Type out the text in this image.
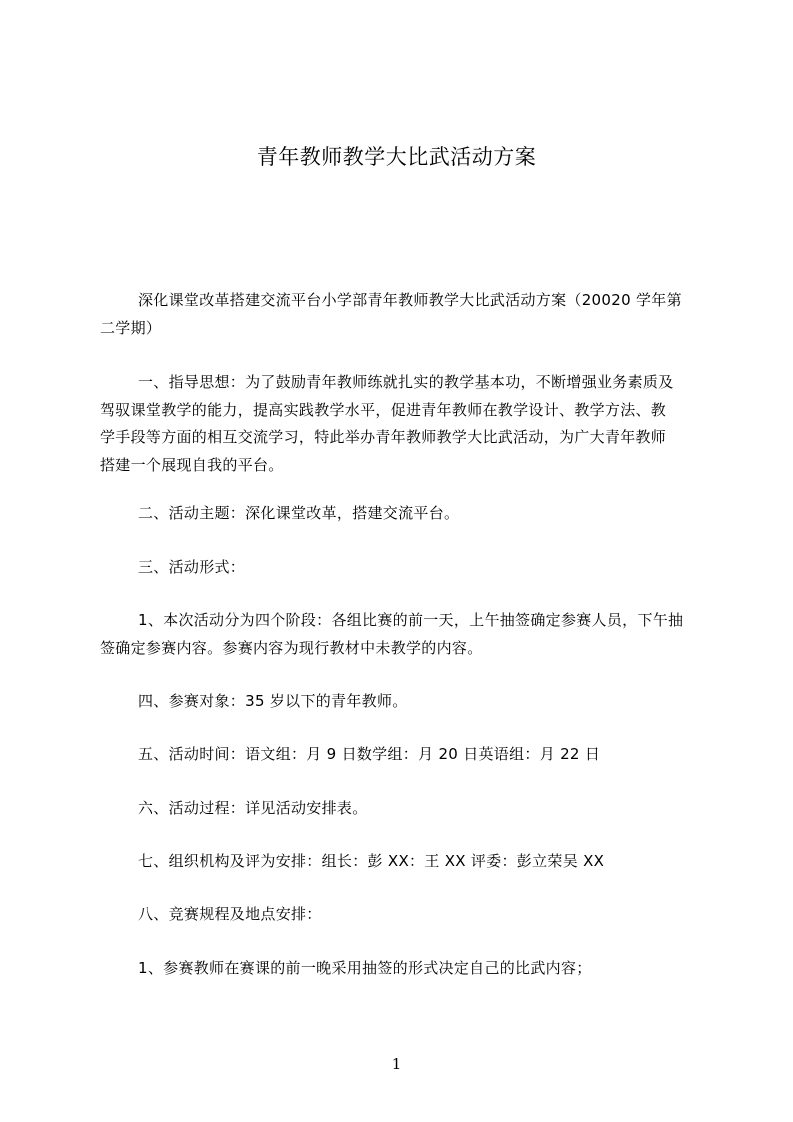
青年教师教学大比武活动方案
深化课堂改革搭建交流平台小学部青年教师教学大比武活动方案（20020 学年第
二学期）
一、指导思想：为了鼓励青年教师练就扎实的教学基本功，不断增强业务素质及
驾驭课堂教学的能力，提高实践教学水平，促进青年教师在教学设计、教学方法、教
学手段等方面的相互交流学习，特此举办青年教师教学大比武活动，为广大青年教师
搭建一个展现自我的平台。
二、活动主题：深化课堂改革，搭建交流平台。
三、活动形式：
1、本次活动分为四个阶段：各组比赛的前一天，上午抽签确定参赛人员，下午抽
签确定参赛内容。参赛内容为现行教材中未教学的内容。
四、参赛对象：35 岁以下的青年教师。
五、活动时间：语文组：月 9 日数学组：月 20 日英语组：月 22 日
六、活动过程：详见活动安排表。
七、组织机构及评为安排：组长：彭 XX：王 XX 评委：彭立荣吴 XX
八、竞赛规程及地点安排：
1、参赛教师在赛课的前一晚采用抽签的形式决定自己的比武内容；
1
